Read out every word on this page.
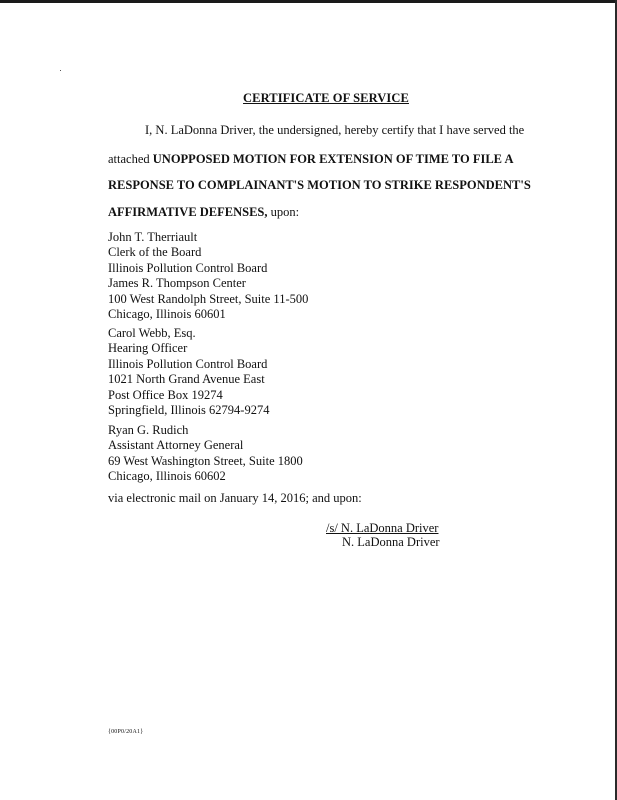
CERTIFICATE OF SERVICE
I, N. LaDonna Driver, the undersigned, hereby certify that I have served the
attached UNOPPOSED MOTION FOR EXTENSION OF TIME TO FILE A
RESPONSE TO COMPLAINANT'S MOTION TO STRIKE RESPONDENT'S
AFFIRMATIVE DEFENSES, upon:
John T. Therriault
Clerk of the Board
Illinois Pollution Control Board
James R. Thompson Center
100 West Randolph Street, Suite 11-500
Chicago, Illinois 60601
Carol Webb, Esq.
Hearing Officer
Illinois Pollution Control Board
1021 North Grand Avenue East
Post Office Box 19274
Springfield, Illinois 62794-9274
Ryan G. Rudich
Assistant Attorney General
69 West Washington Street, Suite 1800
Chicago, Illinois 60602
via electronic mail on January 14, 2016; and upon:
/s/ N. LaDonna Driver
N. LaDonna Driver
{00P0/20A1}
